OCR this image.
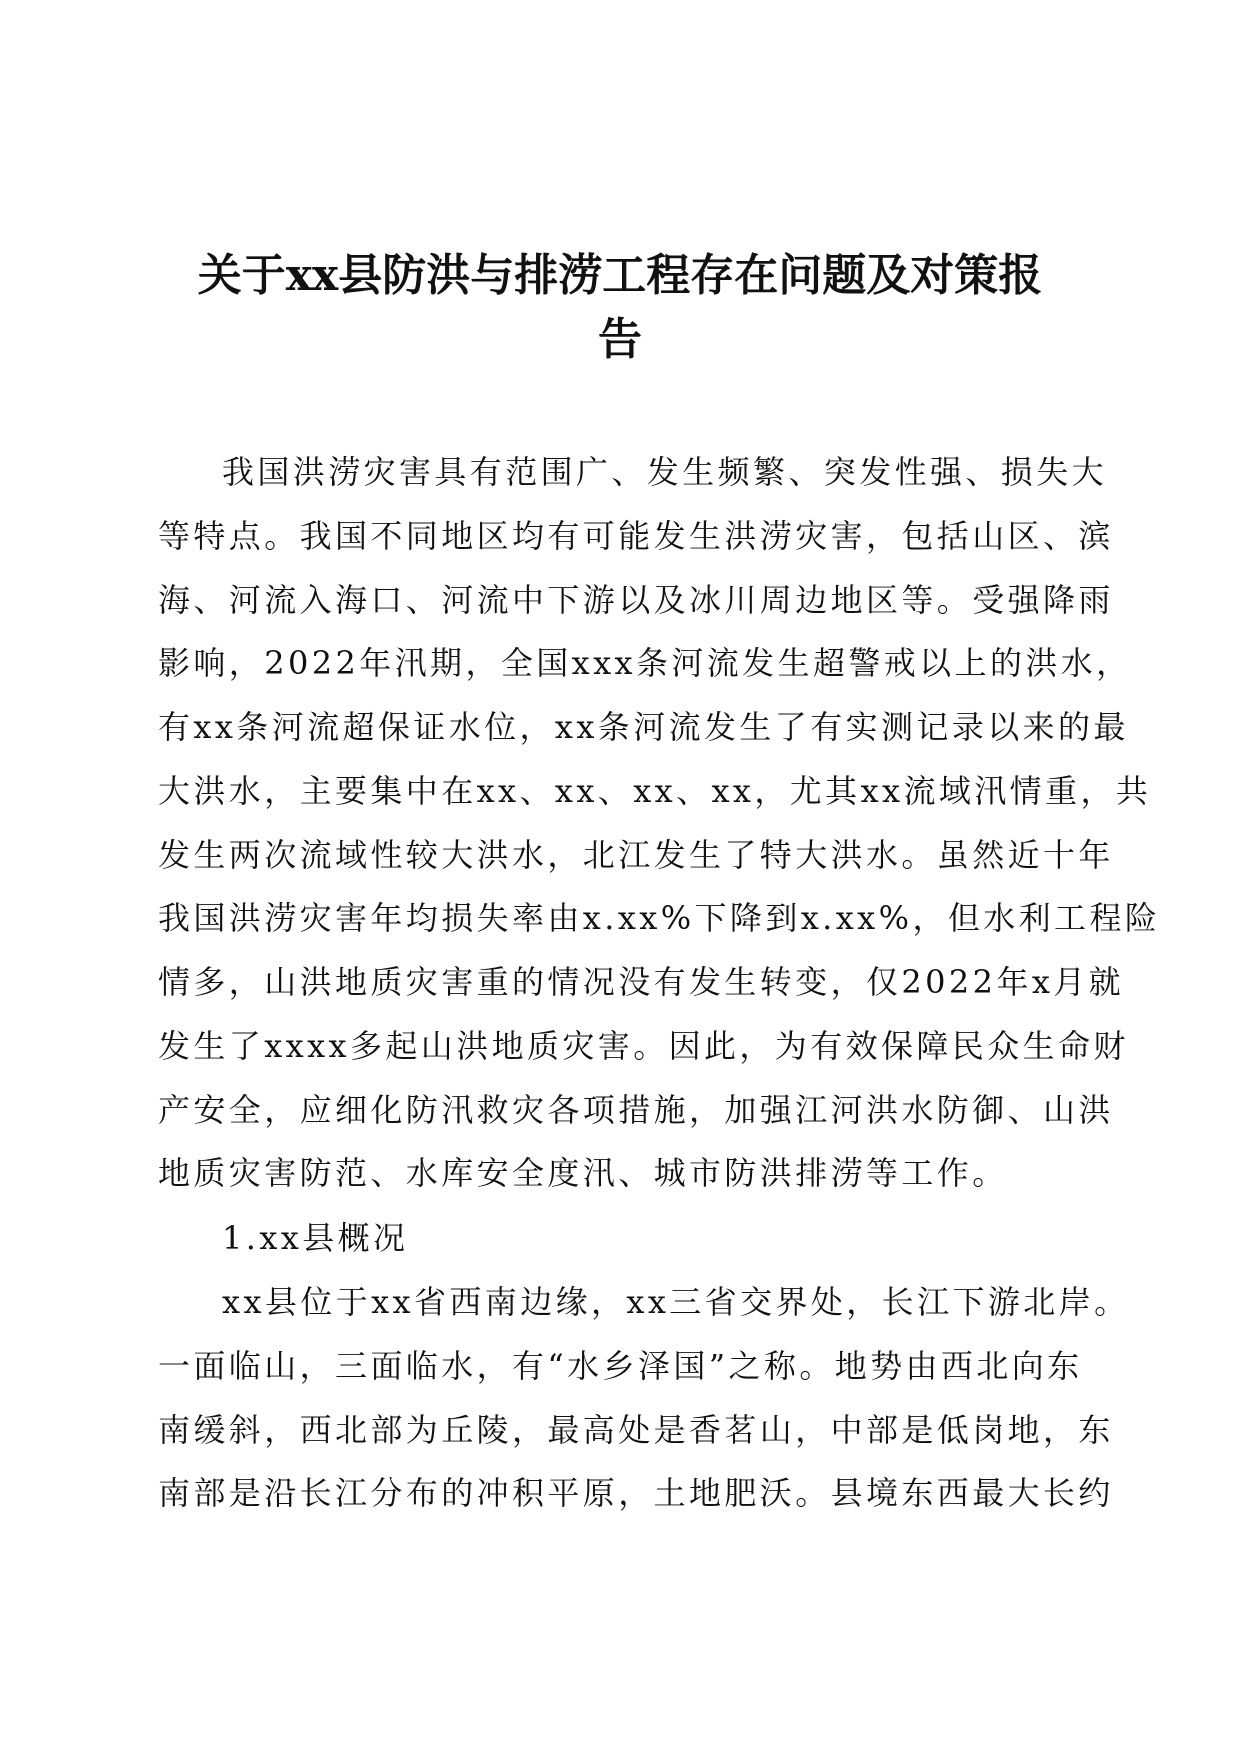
关于xx县防洪与排涝工程存在问题及对策报
告

我国洪涝灾害具有范围广、发生频繁、突发性强、损失大

等特点。我国不同地区均有可能发生洪涝灾害，包括山区、滨

海、河流入海口、河流中下游以及冰川周边地区等。受强降雨

影响，2022年汛期，全国xxx条河流发生超警戒以上的洪水，

有xx条河流超保证水位，xx条河流发生了有实测记录以来的最

大洪水，主要集中在xx、xx、xx、xx，尤其xx流域汛情重，共

发生两次流域性较大洪水，北江发生了特大洪水。虽然近十年

我国洪涝灾害年均损失率由x.xx%下降到x.xx%，但水利工程险

情多，山洪地质灾害重的情况没有发生转变，仅2022年x月就

发生了xxxx多起山洪地质灾害。因此，为有效保障民众生命财

产安全，应细化防汛救灾各项措施，加强江河洪水防御、山洪

地质灾害防范、水库安全度汛、城市防洪排涝等工作。

1.xx县概况

xx县位于xx省西南边缘，xx三省交界处，长江下游北岸。

一面临山，三面临水，有“水乡泽国”之称。地势由西北向东

南缓斜，西北部为丘陵，最高处是香茗山，中部是低岗地，东

南部是沿长江分布的冲积平原，土地肥沃。县境东西最大长约
